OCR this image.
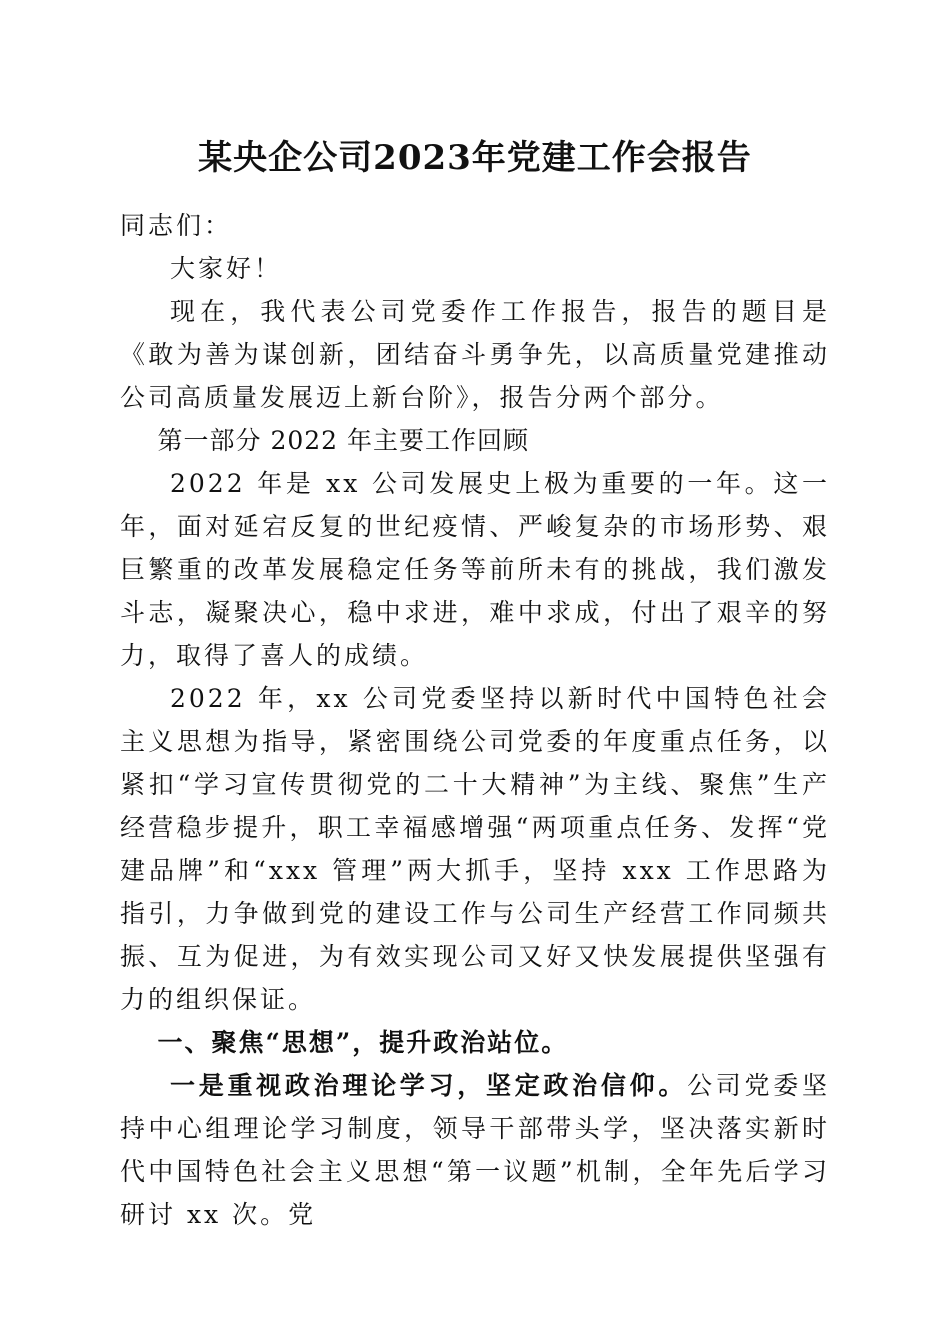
某央企公司2023年党建工作会报告

同志们：

大家好！

现在，我代表公司党委作工作报告，报告的题目是《敢为善为谋创新，团结奋斗勇争先，以高质量党建推动公司高质量发展迈上新台阶》，报告分两个部分。

第一部分 2022 年主要工作回顾

2022 年是 xx 公司发展史上极为重要的一年。这一年，面对延宕反复的世纪疫情、严峻复杂的市场形势、艰巨繁重的改革发展稳定任务等前所未有的挑战，我们激发斗志，凝聚决心，稳中求进，难中求成，付出了艰辛的努力，取得了喜人的成绩。

2022 年，xx 公司党委坚持以新时代中国特色社会主义思想为指导，紧密围绕公司党委的年度重点任务，以紧扣“学习宣传贯彻党的二十大精神”为主线、聚焦”生产经营稳步提升，职工幸福感增强“两项重点任务、发挥“党建品牌”和“xxx 管理”两大抓手，坚持 xxx 工作思路为指引，力争做到党的建设工作与公司生产经营工作同频共振、互为促进，为有效实现公司又好又快发展提供坚强有力的组织保证。

一、聚焦“思想”，提升政治站位。

一是重视政治理论学习，坚定政治信仰。公司党委坚持中心组理论学习制度，领导干部带头学，坚决落实新时代中国特色社会主义思想“第一议题”机制，全年先后学习研讨 xx 次。党
